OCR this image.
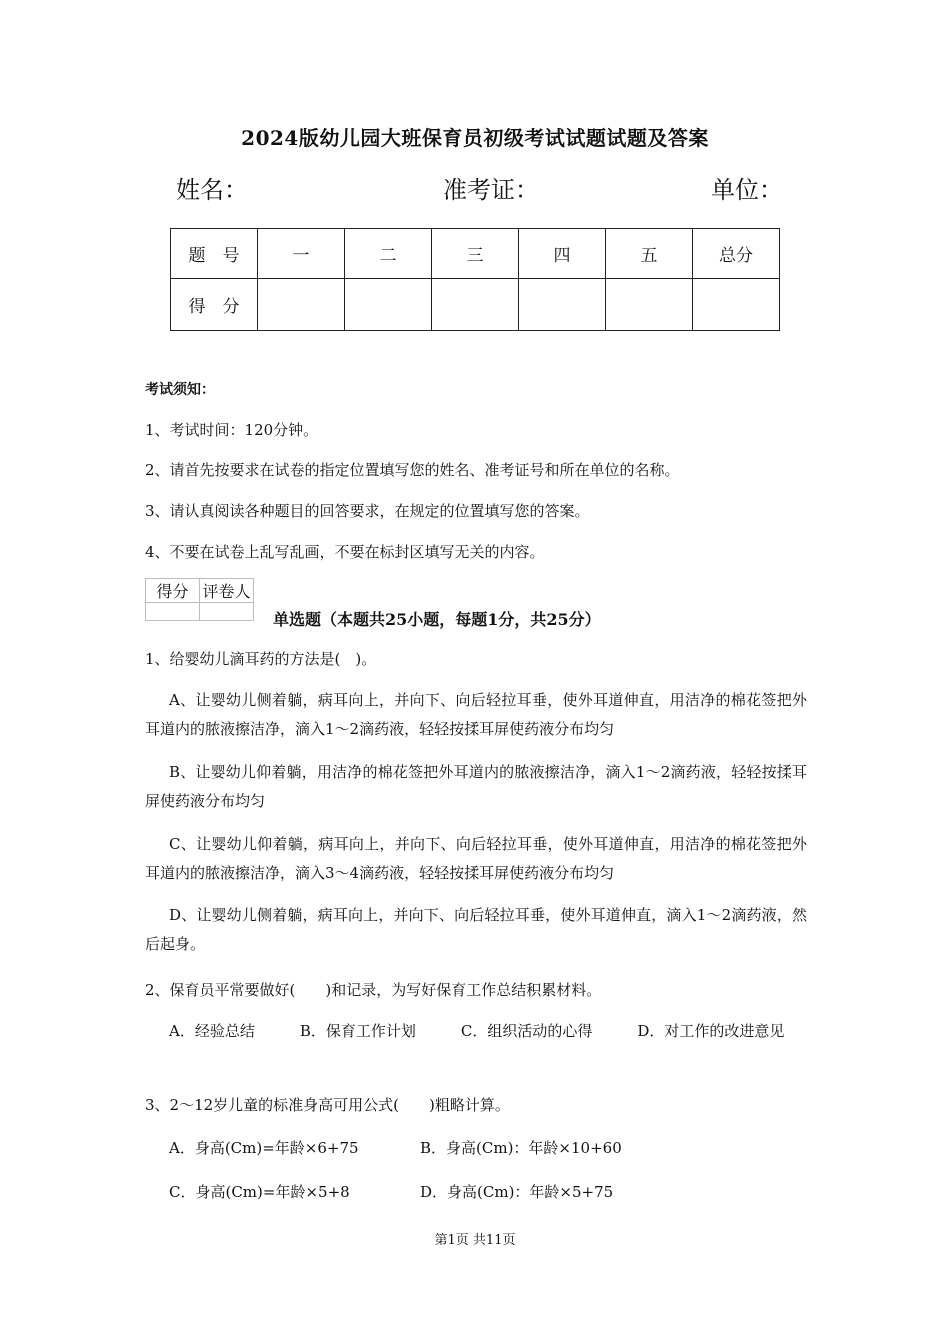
2024版幼儿园大班保育员初级考试试题试题及答案
姓名：	准考证：	单位：
题　号	一	二	三	四	五	总分
得　分						
考试须知：
1、考试时间：120分钟。
2、请首先按要求在试卷的指定位置填写您的姓名、准考证号和所在单位的名称。
3、请认真阅读各种题目的回答要求，在规定的位置填写您的答案。
4、不要在试卷上乱写乱画，不要在标封区填写无关的内容。
得分	评卷人

单选题（本题共25小题，每题1分，共25分）
1、给婴幼儿滴耳药的方法是(　)。
A、让婴幼儿侧着躺，病耳向上，并向下、向后轻拉耳垂，使外耳道伸直，用洁净的棉花签把外耳道内的脓液擦洁净，滴入1～2滴药液，轻轻按揉耳屏使药液分布均匀
B、让婴幼儿仰着躺，用洁净的棉花签把外耳道内的脓液擦洁净，滴入1～2滴药液，轻轻按揉耳屏使药液分布均匀
C、让婴幼儿仰着躺，病耳向上，并向下、向后轻拉耳垂，使外耳道伸直，用洁净的棉花签把外耳道内的脓液擦洁净，滴入3～4滴药液，轻轻按揉耳屏使药液分布均匀
D、让婴幼儿侧着躺，病耳向上，并向下、向后轻拉耳垂，使外耳道伸直，滴入1～2滴药液，然后起身。
2、保育员平常要做好(　　)和记录，为写好保育工作总结积累材料。
A．经验总结　　　B．保育工作计划　　　C．组织活动的心得　　　D．对工作的改进意见
3、2～12岁儿童的标准身高可用公式(　　)粗略计算。
A．身高(Cm)=年龄×6+75	B．身高(Cm)：年龄×10+60
C．身高(Cm)=年龄×5+8	D．身高(Cm)：年龄×5+75
第1页 共11页
